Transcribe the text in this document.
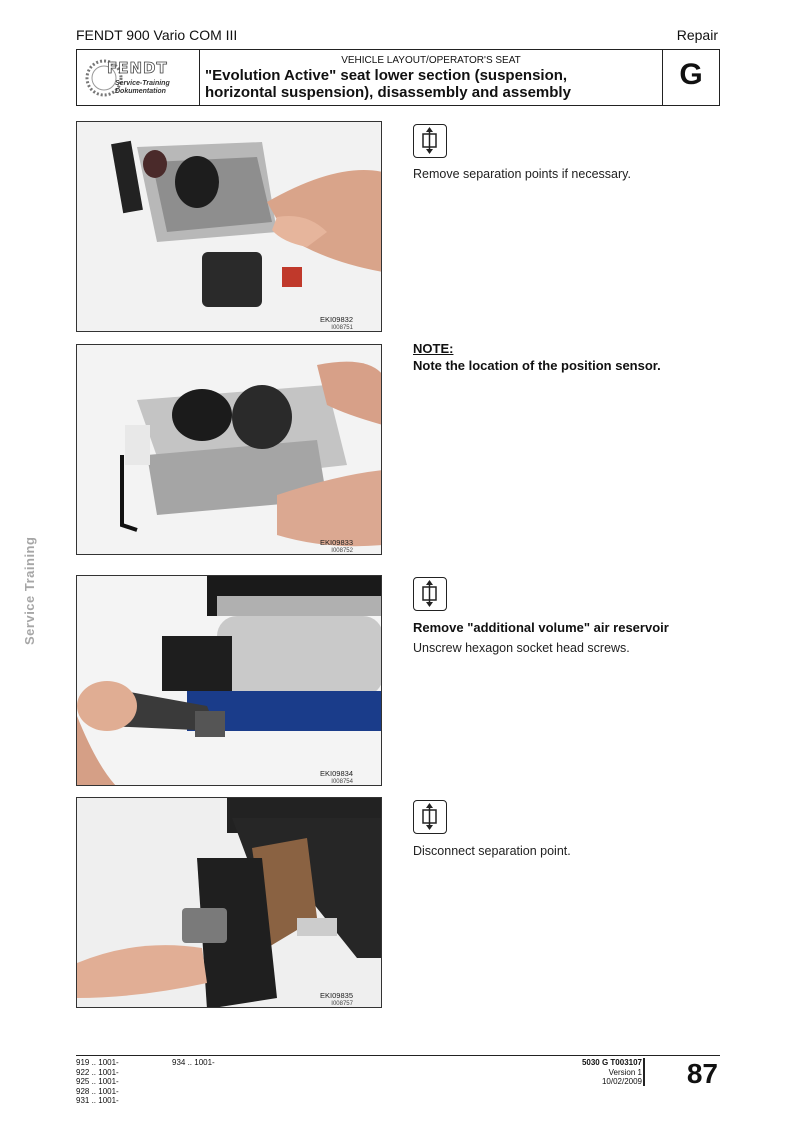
FENDT 900 Vario COM III	Repair
FENDT
Service-Training
Dokumentation
VEHICLE LAYOUT/OPERATOR'S SEAT
"Evolution Active" seat lower section (suspension,
horizontal suspension), disassembly and assembly
G
Service Training
EKI09832
I008751
Remove separation points if necessary.
EKI09833
I008752
NOTE:
Note the location of the position sensor.
EKI09834
I008754
Remove "additional volume" air reservoir
Unscrew hexagon socket head screws.
EKI09835
I008757
Disconnect separation point.
919 .. 1001-
922 .. 1001-
925 .. 1001-
928 .. 1001-
931 .. 1001-
934 .. 1001-	5030 G T003107
Version 1
10/02/2009 87
